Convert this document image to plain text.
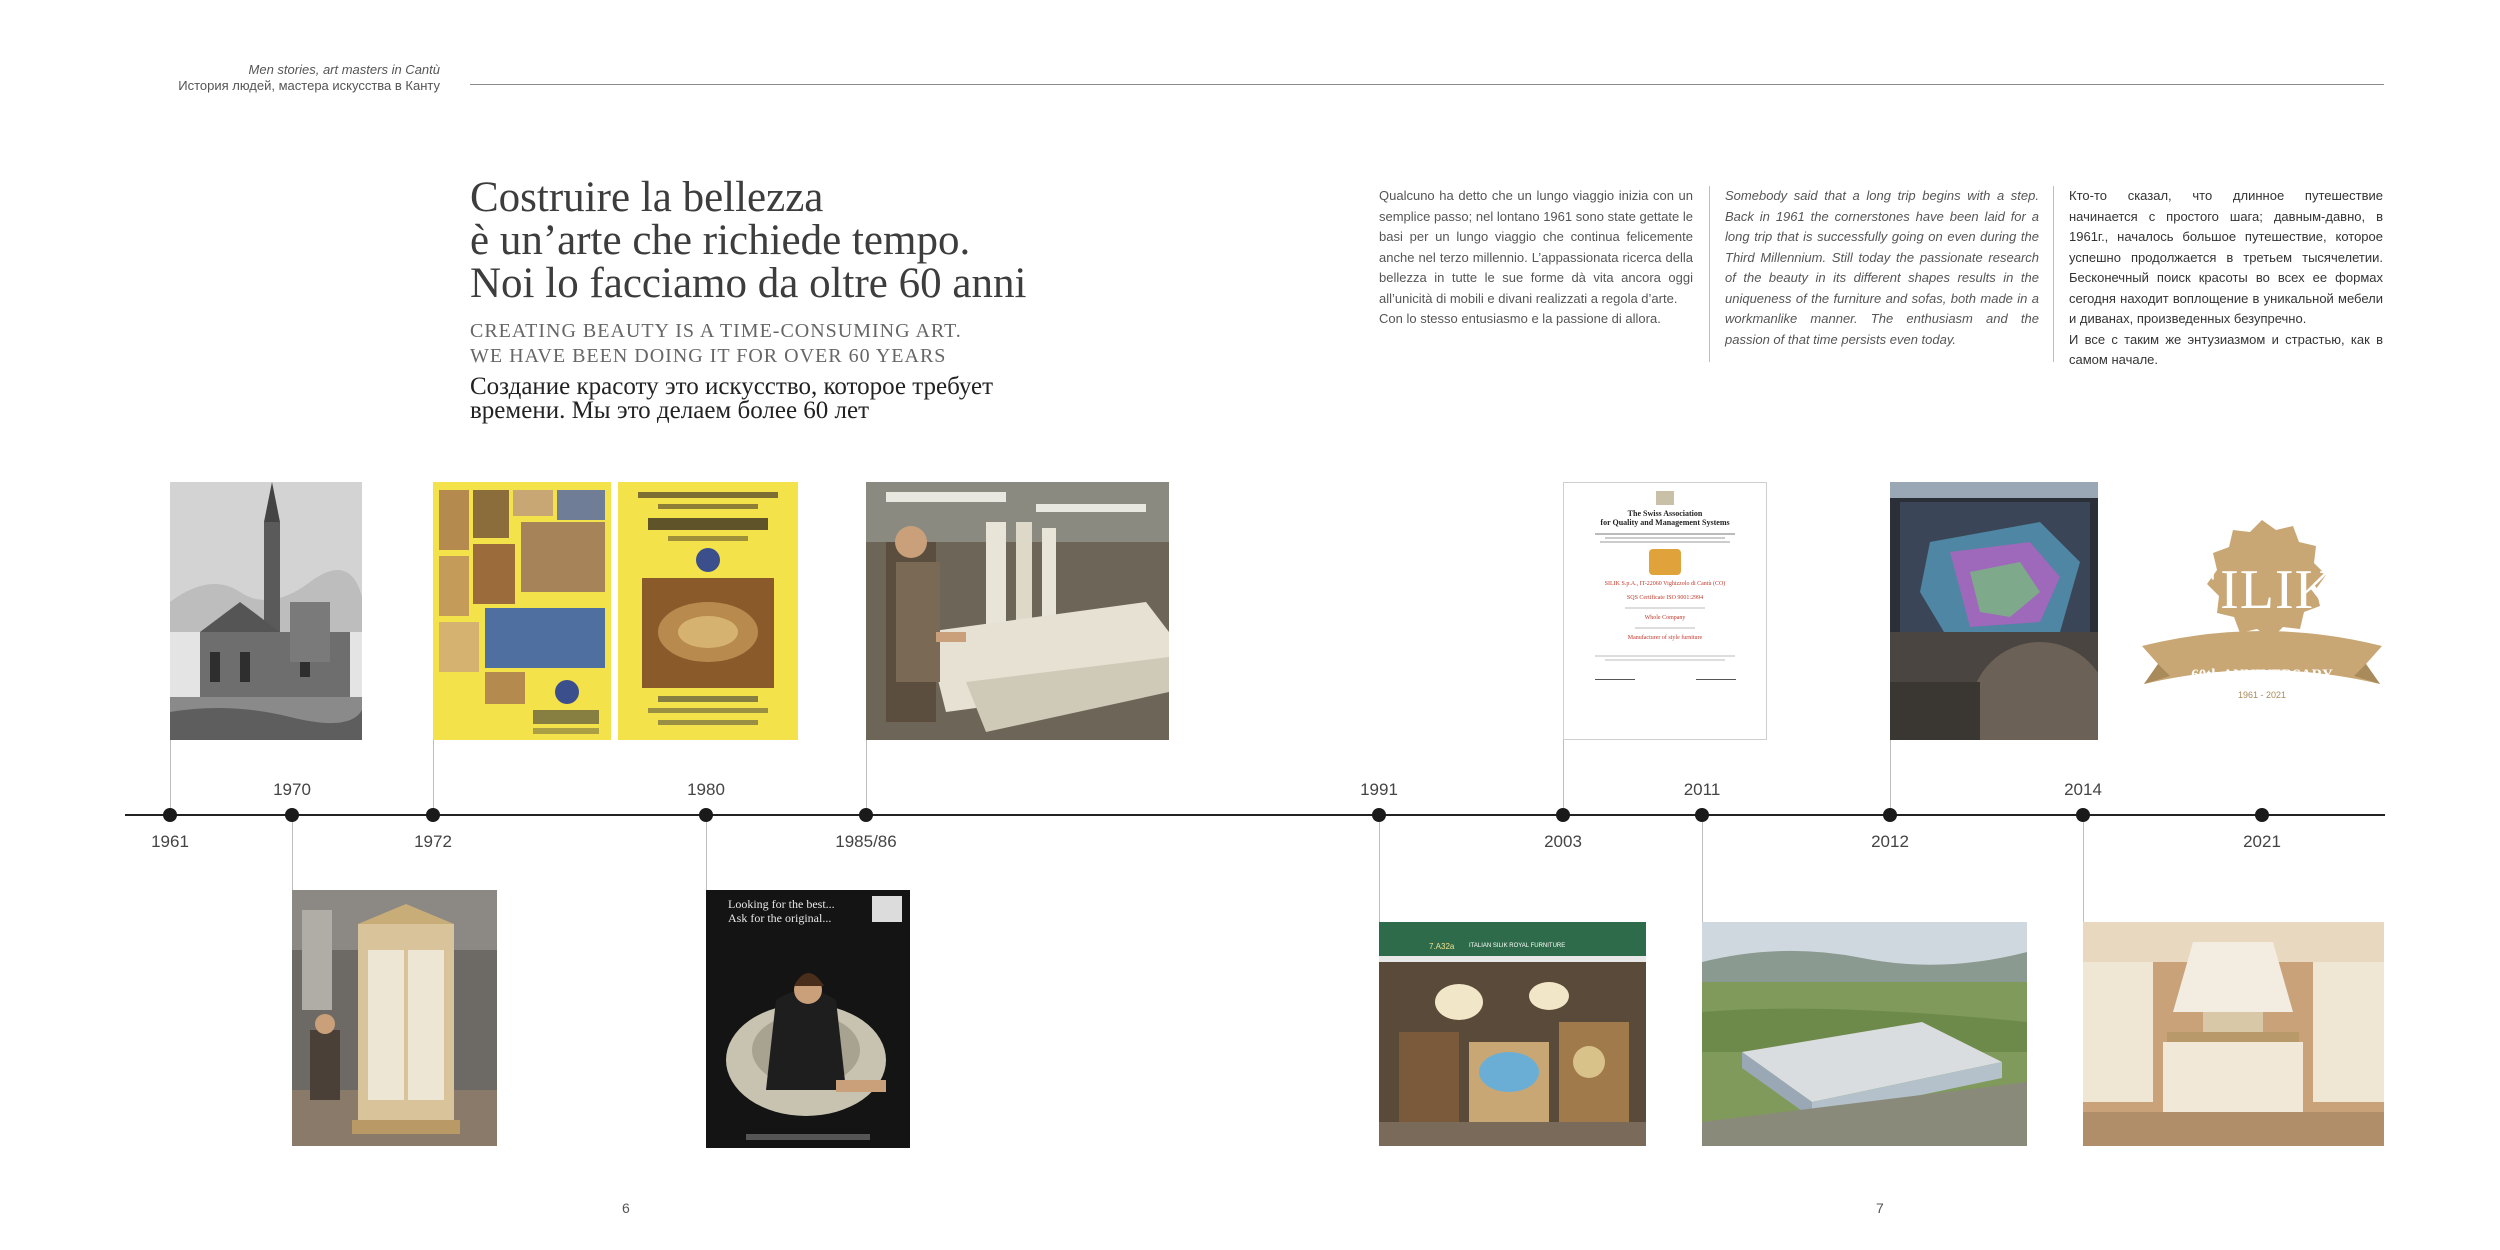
Men stories, art masters in Cantù
История людей, мастера искусства в Канту
Costruire la bellezza
è un’arte che richiede tempo.
Noi lo facciamo da oltre 60 anni
CREATING BEAUTY IS A TIME-CONSUMING ART.
WE HAVE BEEN DOING IT FOR OVER 60 YEARS
Создание красоту это искусство, которое требует
времени. Мы это делаем более 60 лет
Qualcuno ha detto che un lungo viaggio inizia con un semplice passo; nel lontano 1961 sono state gettate le basi per un lungo viaggio che continua felicemente anche nel terzo millennio. L’appassionata ricerca della bellezza in tutte le sue forme dà vita ancora oggi all’unicità di mobili e divani realizzati a regola d’arte.
Con lo stesso entusiasmo e la passione di allora.
Somebody said that a long trip begins with a step. Back in 1961 the cornerstones have been laid for a long trip that is successfully going on even during the Third Millennium. Still today the passionate research of the beauty in its different shapes results in the uniqueness of the furniture and sofas, both made in a workmanlike manner. The enthusiasm and the passion of that time persists even today.
Кто-то сказал, что длинное путешествие начинается с простого шага; давным-давно, в 1961г., началось большое путешествие, которое успешно продолжается в третьем тысячелетии. Бесконечный поиск красоты во всех ее формах сегодня находит воплощение в уникальной мебели и диванах, произведенных безупречно.
И все с таким же энтузиазмом и страстью, как в самом начале.
1961
1970
1972
1980
1985/86
1991
2003
2011
2012
2014
2021
The Swiss Association
for Quality and Management Systems
SILIK S.p.A., IT-22060 Vighizzolo di Cantù (CO)
SQS Certificate ISO 9001:2994
Whole Company
Manufacturer of style furniture
SILIK
60th ANNIVERSARY
1961 - 2021
Looking for the best...
Ask for the original...
7.A32a ITALIAN SILIK ROYAL FURNITURE
6	7
